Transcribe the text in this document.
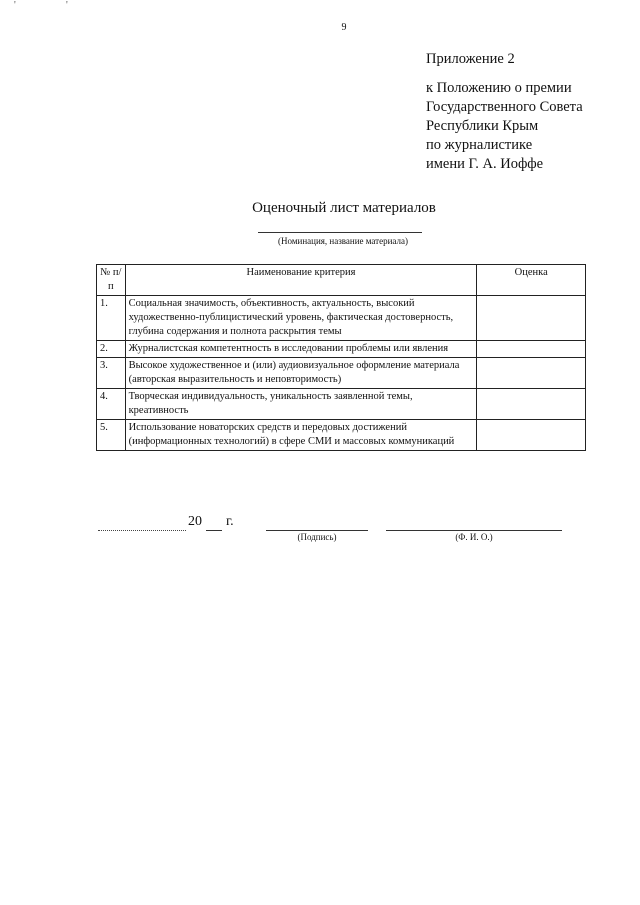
'	'
9
Приложение 2
к Положению о премии
Государственного Совета
Республики Крым
по журналистике
имени Г. А. Иоффе
Оценочный лист материалов
(Номинация, название материала)
№ п/п	Наименование критерия	Оценка
1.	Социальная значимость, объективность, актуальность, высокий художественно-публицистический уровень, фактическая достоверность, глубина содержания и полнота раскрытия темы	
2.	Журналистская компетентность в исследовании проблемы или явления	
3.	Высокое художественное и (или) аудиовизуальное оформление материала (авторская выразительность и неповторимость)	
4.	Творческая индивидуальность, уникальность заявленной темы, креативность	
5.	Использование новаторских средств и передовых достижений (информационных технологий) в сфере СМИ и массовых коммуникаций	
20 г.
(Подпись)	(Ф. И. О.)
